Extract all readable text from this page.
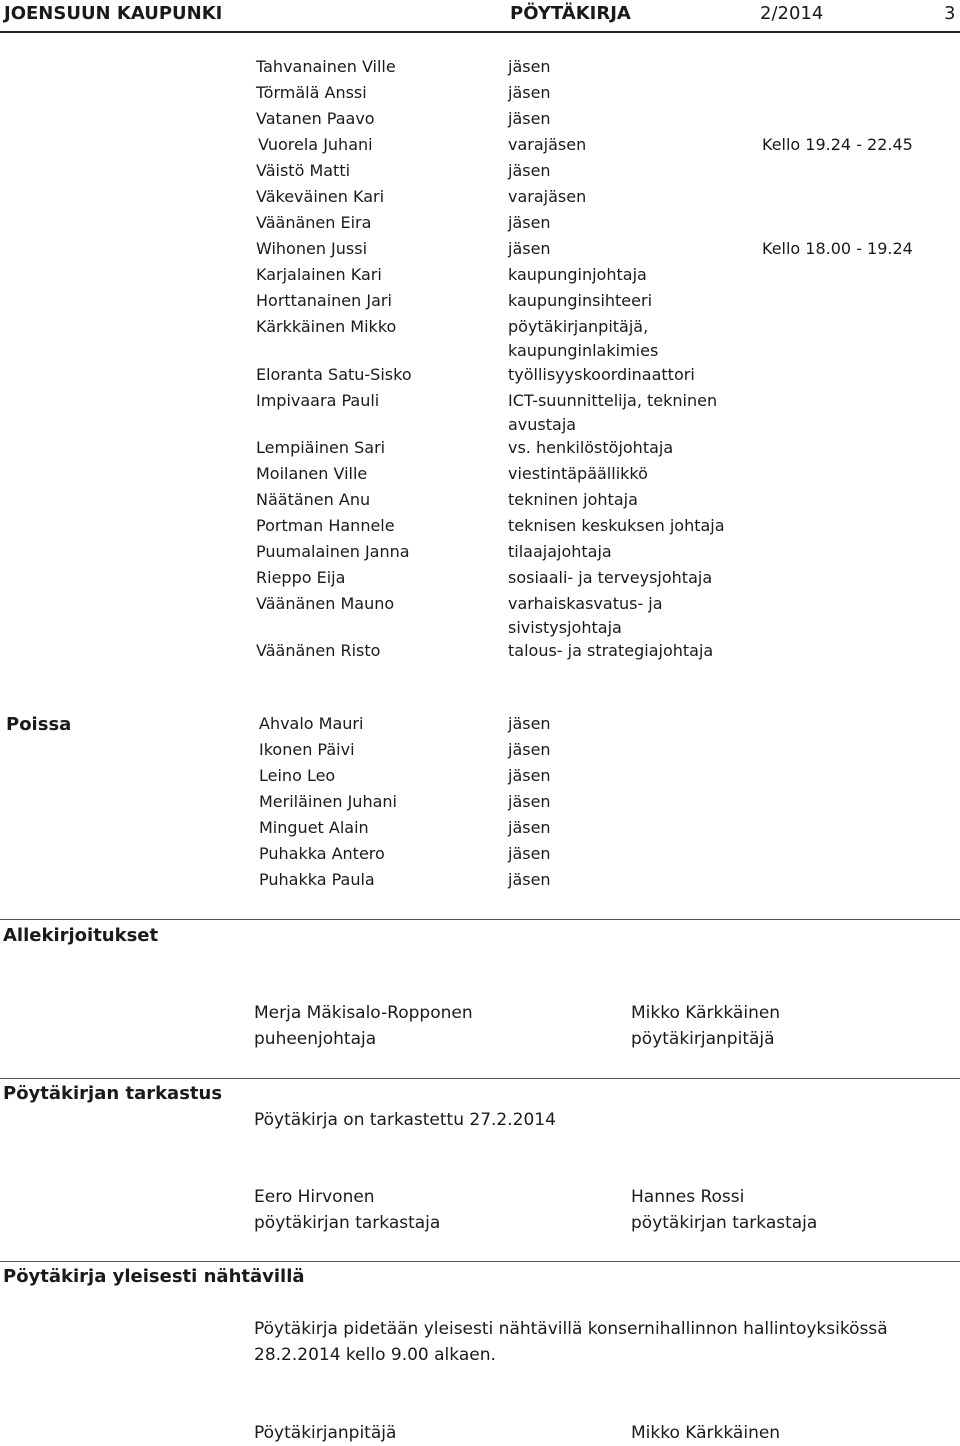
JOENSUUN KAUPUNKI	PÖYTÄKIRJA	2/2014	3
Tahvanainen Ville	jäsen
Törmälä Anssi	jäsen
Vatanen Paavo	jäsen
Vuorela Juhani	varajäsen	Kello 19.24 - 22.45
Väistö Matti	jäsen
Väkeväinen Kari	varajäsen
Väänänen Eira	jäsen
Wihonen Jussi	jäsen	Kello 18.00 - 19.24
Karjalainen Kari	kaupunginjohtaja
Horttanainen Jari	kaupunginsihteeri
Kärkkäinen Mikko	pöytäkirjanpitäjä, kaupunginlakimies
Eloranta Satu-Sisko	työllisyyskoordinaattori
Impivaara Pauli	ICT-suunnittelija, tekninen avustaja
Lempiäinen Sari	vs. henkilöstöjohtaja
Moilanen Ville	viestintäpäällikkö
Näätänen Anu	tekninen johtaja
Portman Hannele	teknisen keskuksen johtaja
Puumalainen Janna	tilaajajohtaja
Rieppo Eija	sosiaali- ja terveysjohtaja
Väänänen Mauno	varhaiskasvatus- ja sivistysjohtaja
Väänänen Risto	talous- ja strategiajohtaja
Poissa	Ahvalo Mauri	jäsen
Ikonen Päivi	jäsen
Leino Leo	jäsen
Meriläinen Juhani	jäsen
Minguet Alain	jäsen
Puhakka Antero	jäsen
Puhakka Paula	jäsen
Allekirjoitukset
Merja Mäkisalo-Ropponen
puheenjohtaja
Mikko Kärkkäinen
pöytäkirjanpitäjä
Pöytäkirjan tarkastus
Pöytäkirja on tarkastettu 27.2.2014
Eero Hirvonen
pöytäkirjan tarkastaja
Hannes Rossi
pöytäkirjan tarkastaja
Pöytäkirja yleisesti nähtävillä
Pöytäkirja pidetään yleisesti nähtävillä konsernihallinnon hallintoyksikössä 28.2.2014 kello 9.00 alkaen.
Pöytäkirjanpitäjä	Mikko Kärkkäinen
